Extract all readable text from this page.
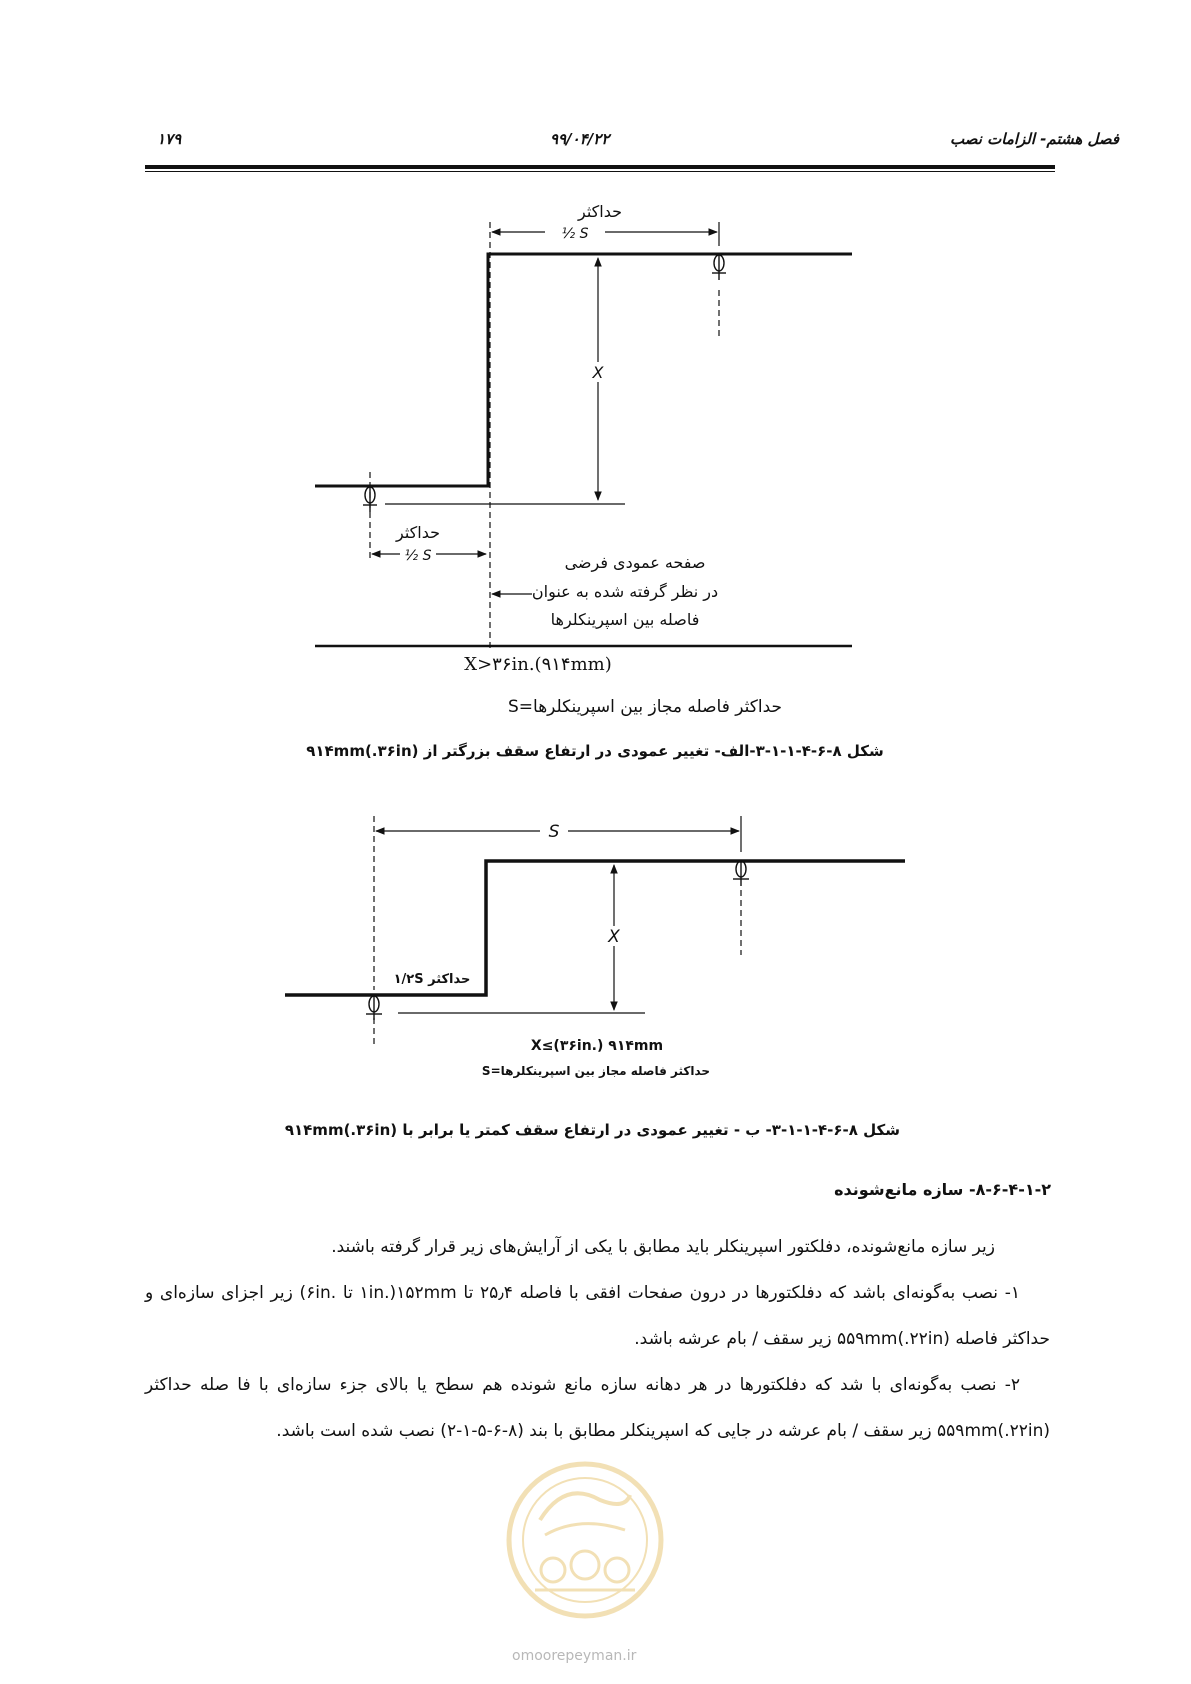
فصل هشتم- الزامات نصب
۹۹/۰۴/۲۲
۱۷۹
حداکثر
½ S
X
حداکثر
½ S	صفحه عمودی فرضی
در نظر گرفته شده به عنوان
فاصله بین اسپرینکلرها
X>۳۶in.(۹۱۴mm)
حداکثر فاصله مجاز بین اسپرینکلرها=S
شکل ۸-۶-۴-۱-۱-۳-الف- تغییر عمودی در ارتفاع سقف بزرگتر از ۹۱۴mm(.۳۶in)
S
X
حداکثر ۱/۲S
X≤(۳۶in.) ۹۱۴mm
حداکثر فاصله مجاز بین اسپرینکلرها=S
شکل ۸-۶-۴-۱-۱-۳- ب - تغییر عمودی در ارتفاع سقف کمتر یا برابر با ۹۱۴mm(.۳۶in)
۸-۶-۴-۱-۲- سازه مانع‌شونده
زیر سازه مانع‌شونده، دفلکتور اسپرینکلر باید مطابق با یکی از آرایش‌های زیر قرار گرفته باشند.
۱- نصب به‌گونه‌ای باشد که دفلکتورها در درون صفحات افقی با فاصله ۲۵٫۴ تا ۱۵۲mm(.۱in تا .۶in) زیر اجزای سازه‌ای و حداکثر فاصله ۵۵۹mm(.۲۲in) زیر سقف / بام عرشه باشد.
۲- نصب به‌گونه‌ای با شد که دفلکتورها در هر دهانه سازه مانع شونده هم سطح یا بالای جزء سازه‌ای با فا صله حداکثر ۵۵۹mm(.۲۲in) زیر سقف / بام عرشه در جایی که اسپرینکلر مطابق با بند (۸-۶-۵-۱-۲) نصب شده است باشد.
omoorepeyman.ir
